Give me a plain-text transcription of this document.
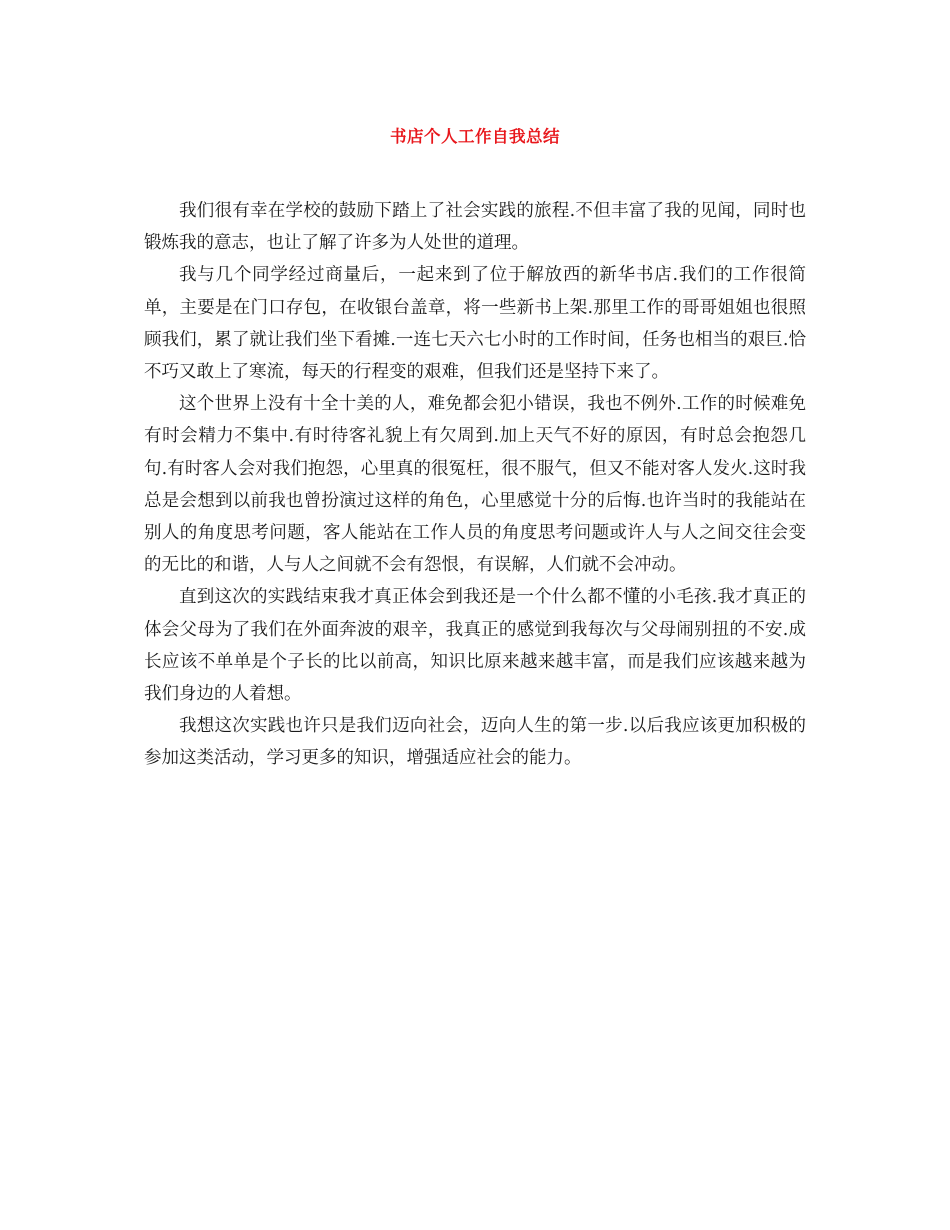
书店个人工作自我总结

我们很有幸在学校的鼓励下踏上了社会实践的旅程.不但丰富了我的见闻，同时也锻炼我的意志，也让了解了许多为人处世的道理。

我与几个同学经过商量后，一起来到了位于解放西的新华书店.我们的工作很简单，主要是在门口存包，在收银台盖章，将一些新书上架.那里工作的哥哥姐姐也很照顾我们，累了就让我们坐下看摊.一连七天六七小时的工作时间，任务也相当的艰巨.恰不巧又敢上了寒流，每天的行程变的艰难，但我们还是坚持下来了。

这个世界上没有十全十美的人，难免都会犯小错误，我也不例外.工作的时候难免有时会精力不集中.有时待客礼貌上有欠周到.加上天气不好的原因，有时总会抱怨几句.有时客人会对我们抱怨，心里真的很冤枉，很不服气，但又不能对客人发火.这时我总是会想到以前我也曾扮演过这样的角色，心里感觉十分的后悔.也许当时的我能站在别人的角度思考问题，客人能站在工作人员的角度思考问题或许人与人之间交往会变的无比的和谐，人与人之间就不会有怨恨，有误解，人们就不会冲动。

直到这次的实践结束我才真正体会到我还是一个什么都不懂的小毛孩.我才真正的体会父母为了我们在外面奔波的艰辛，我真正的感觉到我每次与父母闹别扭的不安.成长应该不单单是个子长的比以前高，知识比原来越来越丰富，而是我们应该越来越为我们身边的人着想。

我想这次实践也许只是我们迈向社会，迈向人生的第一步.以后我应该更加积极的参加这类活动，学习更多的知识，增强适应社会的能力。
